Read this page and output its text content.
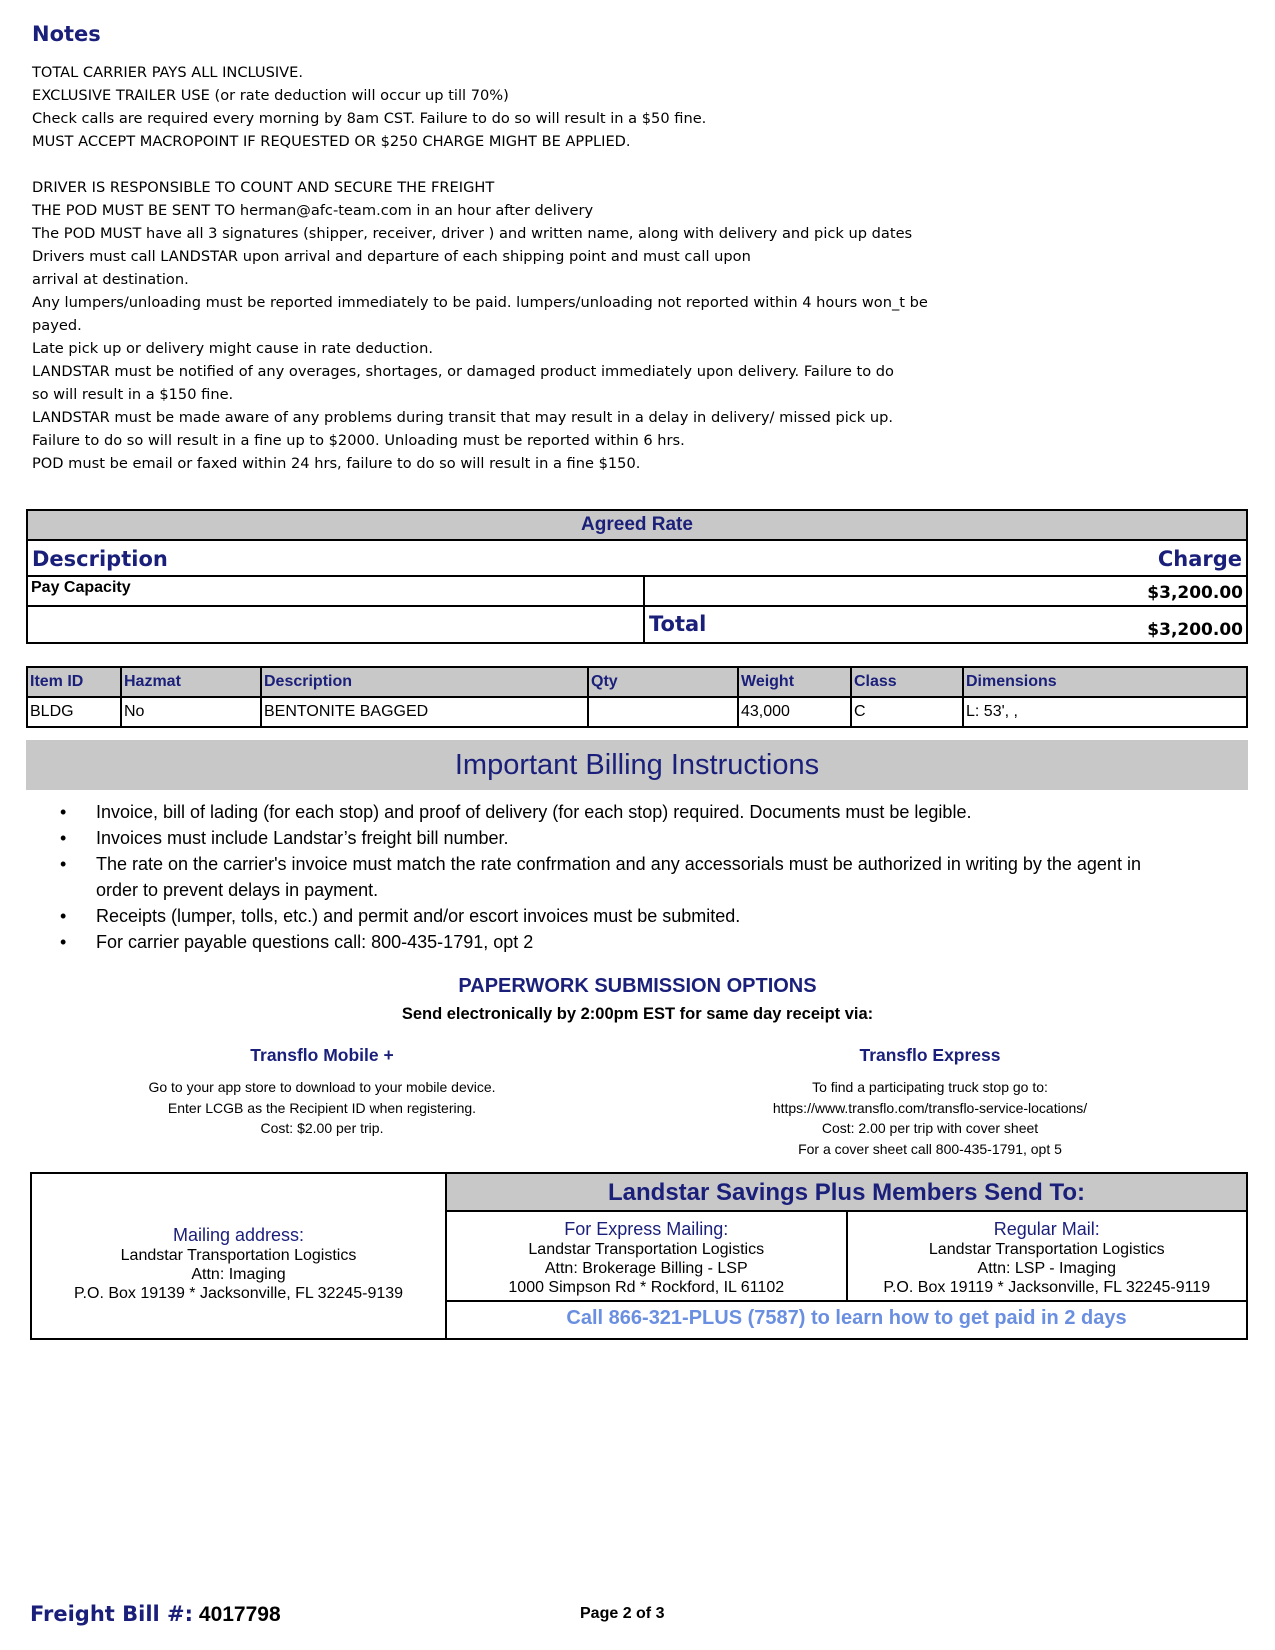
Notes
TOTAL CARRIER PAYS ALL INCLUSIVE.
EXCLUSIVE TRAILER USE (or rate deduction will occur up till 70%)
Check calls are required every morning by 8am CST. Failure to do so will result in a $50 fine.
MUST ACCEPT MACROPOINT IF REQUESTED OR $250 CHARGE MIGHT BE APPLIED.
DRIVER IS RESPONSIBLE TO COUNT AND SECURE THE FREIGHT
THE POD MUST BE SENT TO herman@afc-team.com in an hour after delivery
The POD MUST have all 3 signatures (shipper, receiver, driver ) and written name, along with delivery and pick up dates
Drivers must call LANDSTAR upon arrival and departure of each shipping point and must call upon
arrival at destination.
Any lumpers/unloading must be reported immediately to be paid. lumpers/unloading not reported within 4 hours won_t be
payed.
Late pick up or delivery might cause in rate deduction.
LANDSTAR must be notified of any overages, shortages, or damaged product immediately upon delivery. Failure to do
so will result in a $150 fine.
LANDSTAR must be made aware of any problems during transit that may result in a delay in delivery/ missed pick up.
Failure to do so will result in a fine up to $2000. Unloading must be reported within 6 hrs.
POD must be email or faxed within 24 hrs, failure to do so will result in a fine $150.
Agreed Rate
Description	Charge
Pay Capacity	$3,200.00
Total	$3,200.00
Item ID	Hazmat	Description	Qty	Weight	Class	Dimensions
BLDG	No	BENTONITE BAGGED		43,000	C	L: 53', ,
Important Billing Instructions
• Invoice, bill of lading (for each stop) and proof of delivery (for each stop) required. Documents must be legible.
• Invoices must include Landstar’s freight bill number.
• The rate on the carrier's invoice must match the rate confrmation and any accessorials must be authorized in writing by the agent in
order to prevent delays in payment.
• Receipts (lumper, tolls, etc.) and permit and/or escort invoices must be submited.
• For carrier payable questions call: 800-435-1791, opt 2
PAPERWORK SUBMISSION OPTIONS
Send electronically by 2:00pm EST for same day receipt via:
Transflo Mobile +
Go to your app store to download to your mobile device.
Enter LCGB as the Recipient ID when registering.
Cost: $2.00 per trip.
Transflo Express
To find a participating truck stop go to:
https://www.transflo.com/transflo-service-locations/
Cost: 2.00 per trip with cover sheet
For a cover sheet call 800-435-1791, opt 5
Mailing address:
Landstar Transportation Logistics
Attn: Imaging
P.O. Box 19139 * Jacksonville, FL 32245-9139
Landstar Savings Plus Members Send To:
For Express Mailing:
Landstar Transportation Logistics
Attn: Brokerage Billing - LSP
1000 Simpson Rd * Rockford, IL 61102
Regular Mail:
Landstar Transportation Logistics
Attn: LSP - Imaging
P.O. Box 19119 * Jacksonville, FL 32245-9119
Call 866-321-PLUS (7587) to learn how to get paid in 2 days
Freight Bill #: 4017798	Page 2 of 3
